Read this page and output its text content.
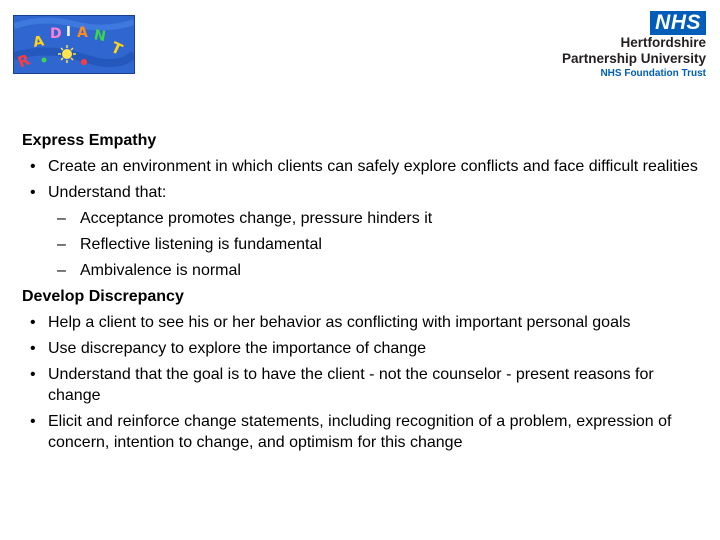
R
A D I A N
T
NHS
Hertfordshire
Partnership University
NHS Foundation Trust
Express Empathy
• Create an environment in which clients can safely explore conflicts and face difficult realities
• Understand that:
– Acceptance promotes change, pressure hinders it
– Reflective listening is fundamental
– Ambivalence is normal
Develop Discrepancy
• Help a client to see his or her behavior as conflicting with important personal goals
• Use discrepancy to explore the importance of change
• Understand that the goal is to have the client - not the counselor - present reasons for change
• Elicit and reinforce change statements, including recognition of a problem, expression of concern, intention to change, and optimism for this change
